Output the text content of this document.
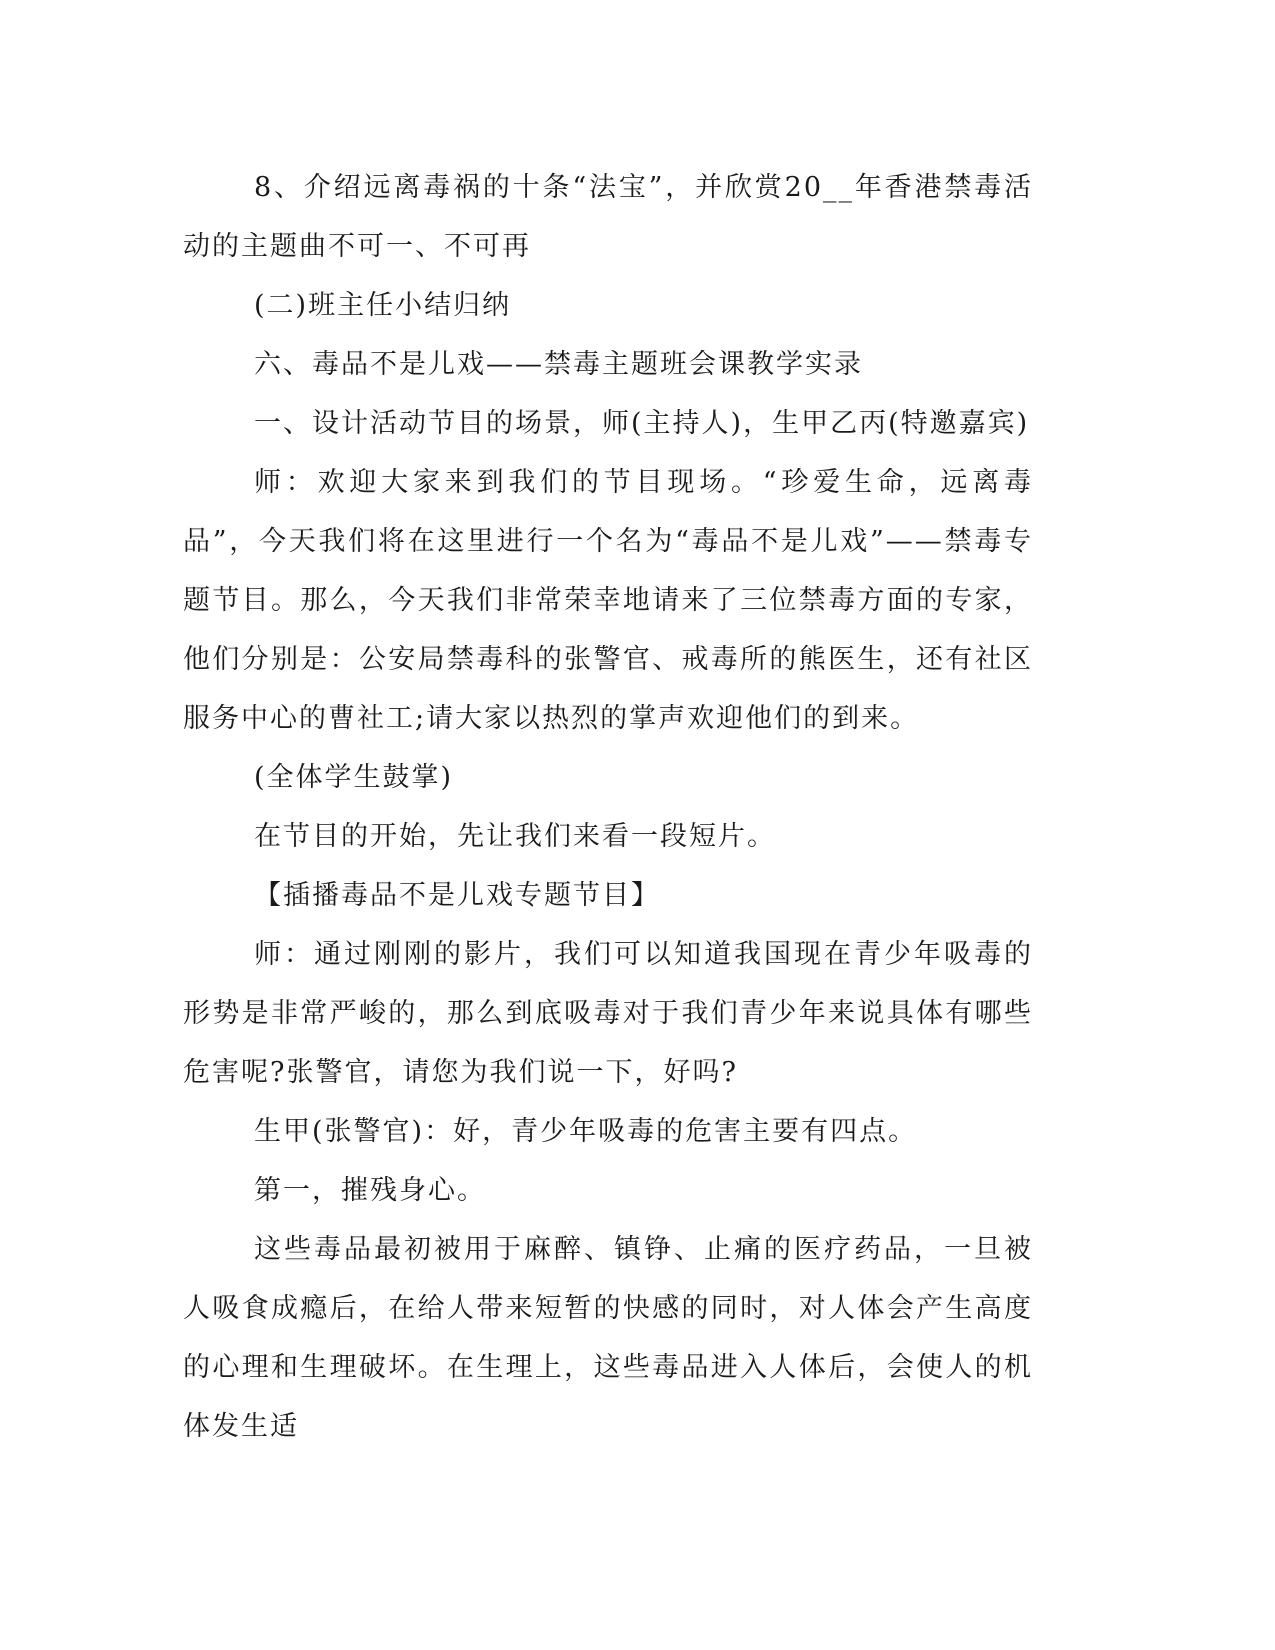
8、介绍远离毒祸的十条“法宝”，并欣赏20__年香港禁毒活动的主题曲不可一、不可再

(二)班主任小结归纳

六、毒品不是儿戏——禁毒主题班会课教学实录

一、设计活动节目的场景，师(主持人)，生甲乙丙(特邀嘉宾)

师：欢迎大家来到我们的节目现场。“珍爱生命，远离毒品”，今天我们将在这里进行一个名为“毒品不是儿戏”——禁毒专题节目。那么，今天我们非常荣幸地请来了三位禁毒方面的专家，他们分别是：公安局禁毒科的张警官、戒毒所的熊医生，还有社区服务中心的曹社工;请大家以热烈的掌声欢迎他们的到来。

(全体学生鼓掌)

在节目的开始，先让我们来看一段短片。

【插播毒品不是儿戏专题节目】

师：通过刚刚的影片，我们可以知道我国现在青少年吸毒的形势是非常严峻的，那么到底吸毒对于我们青少年来说具体有哪些危害呢?张警官，请您为我们说一下，好吗?

生甲(张警官)：好，青少年吸毒的危害主要有四点。

第一，摧残身心。

这些毒品最初被用于麻醉、镇铮、止痛的医疗药品，一旦被人吸食成瘾后，在给人带来短暂的快感的同时，对人体会产生高度的心理和生理破坏。在生理上，这些毒品进入人体后，会使人的机体发生适
